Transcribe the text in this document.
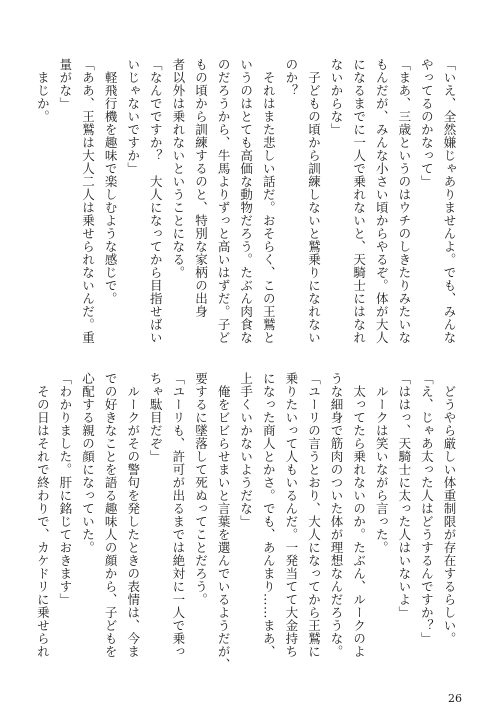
「いえ、全然嫌じゃありませんよ。でも、みんな
やってるのかなって」
「まあ、三歳というのはウチのしきたりみたいな
もんだが、みんな小さい頃からやるぞ。体が大人
になるまでに一人で乗れないと、天騎士にはなれ
ないからな」
　子どもの頃から訓練しないと鷲乗りになれない
のか？
　それはまた悲しい話だ。おそらく、この王鷲と
いうのはとても高価な動物だろう。たぶん肉食な
のだろうから、牛馬よりずっと高いはずだ。子ど
もの頃から訓練するのと、特別な家柄の出身
者以外は乗れないということになる。
「なんでですか？　大人になってから目指せばい
いじゃないですか」
　軽飛行機を趣味で楽しむような感じで。
「ああ、王鷲は大人二人は乗せられないんだ。重
量がな」
　まじか。
　どうやら厳しい体重制限が存在するらしい。
「え、じゃあ太った人はどうするんですか？」
「ははっ、天騎士に太った人はいないよ」
　ルークは笑いながら言った。
　太ってたら乗れないのか。たぶん、ルークのよ
うな細身で筋肉のついた体が理想なんだろうな。
「ユーリの言うとおり、大人になってから王鷲に
乗りたいって人もいるんだ。一発当てて大金持ち
になった商人とかさ。でも、あんまり……まあ、
上手くいかないようだな」
　俺をビビらせまいと言葉を選んでいるようだが、
要するに墜落して死ぬってことだろう。
「ユーリも、許可が出るまでは絶対に一人で乗っ
ちゃ駄目だぞ」
　ルークがその警句を発したときの表情は、今ま
での好きなことを語る趣味人の顔から、子どもを
心配する親の顔になっていた。
「わかりました。肝に銘じておきます」
　その日はそれで終わりで、カケドリに乗せられ
26
